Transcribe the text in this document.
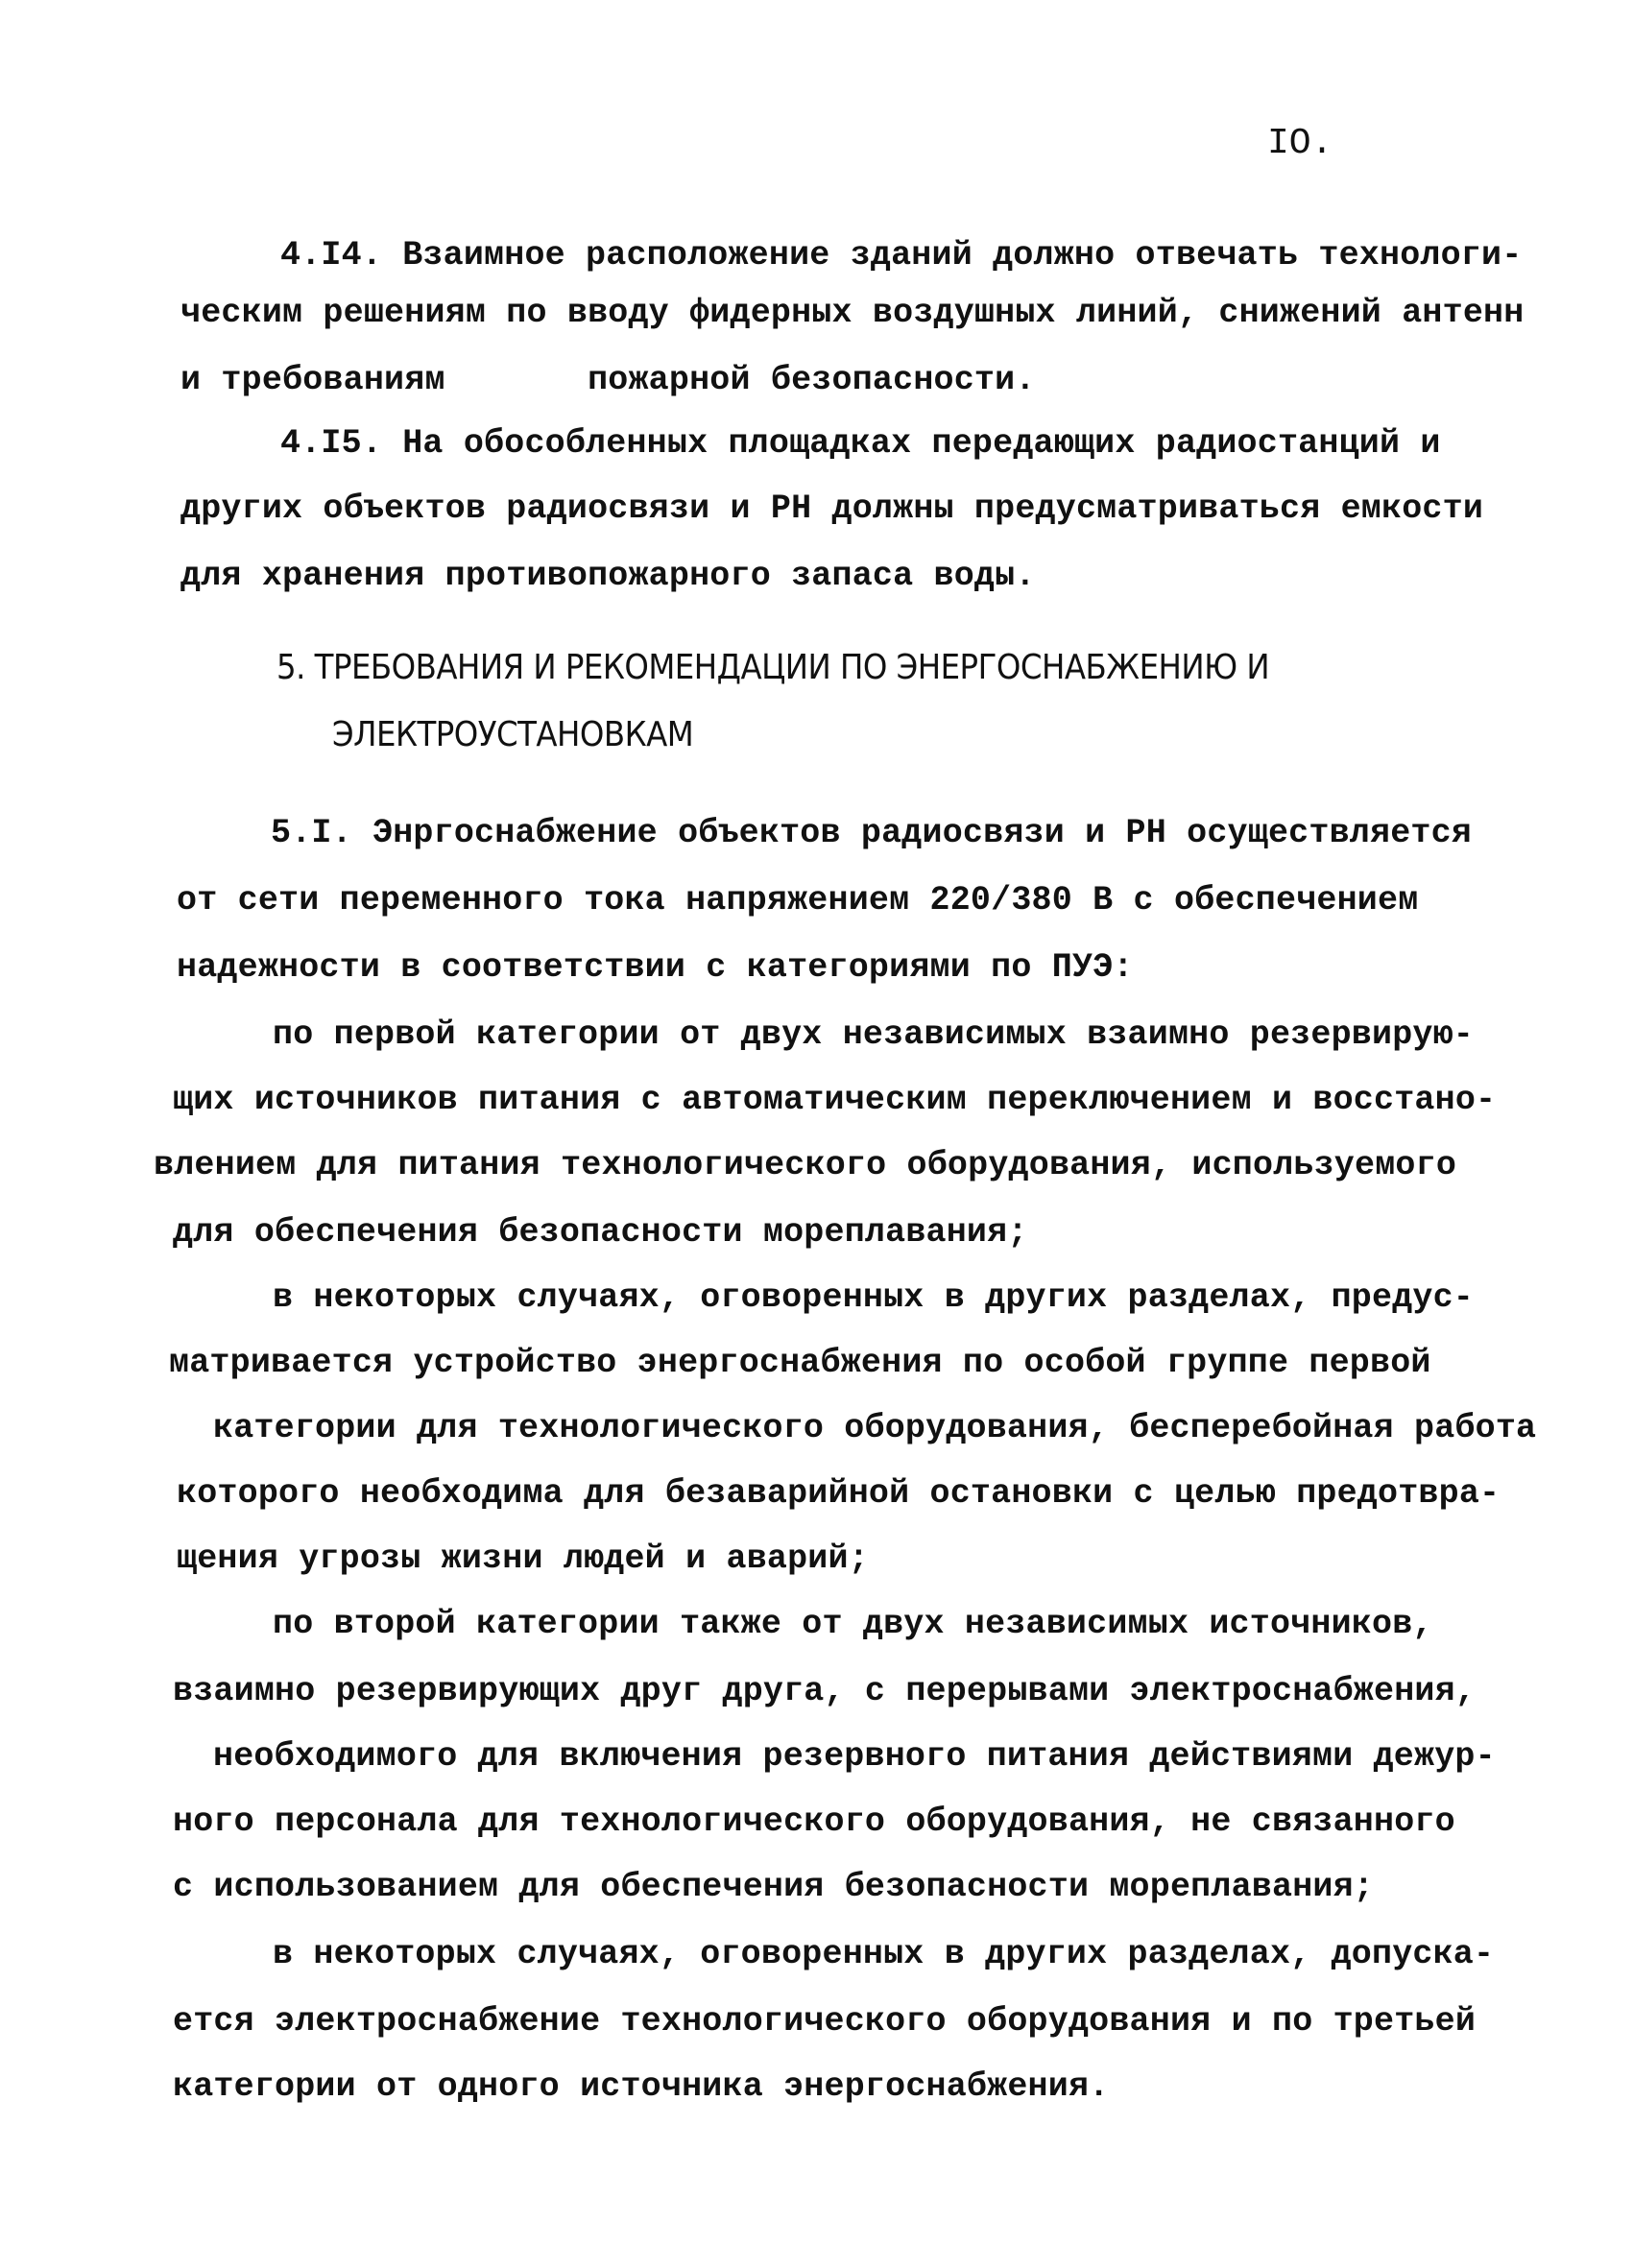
IO.
4.I4. Взаимное расположение зданий должно отвечать технологи-
ческим решениям по вводу фидерных воздушных линий, снижений антенн
и требованиям       пожарной безопасности.
4.I5. На обособленных площадках передающих радиостанций и
других объектов радиосвязи и РН должны предусматриваться емкости
для хранения противопожарного запаса воды.
5. ТРЕБОВАНИЯ И РЕКОМЕНДАЦИИ ПО ЭНЕРГОСНАБЖЕНИЮ И
ЭЛЕКТРОУСТАНОВКАМ
5.I. Энргоснабжение объектов радиосвязи и РН осуществляется
от сети переменного тока напряжением 220/380 В с обеспечением
надежности в соответствии с категориями по ПУЭ:
по первой категории от двух независимых взаимно резервирую-
щих источников питания с автоматическим переключением и восстано-
влением для питания технологического оборудования, используемого
для обеспечения безопасности мореплавания;
в некоторых случаях, оговоренных в других разделах, предус-
матривается устройство энергоснабжения по особой группе первой
категории для технологического оборудования, бесперебойная работа
которого необходима для безаварийной остановки с целью предотвра-
щения угрозы жизни людей и аварий;
по второй категории также от двух независимых источников,
взаимно резервирующих друг друга, с перерывами электроснабжения,
необходимого для включения резервного питания действиями дежур-
ного персонала для технологического оборудования, не связанного
с использованием для обеспечения безопасности мореплавания;
в некоторых случаях, оговоренных в других разделах, допуска-
ется электроснабжение технологического оборудования и по третьей
категории от одного источника энергоснабжения.
